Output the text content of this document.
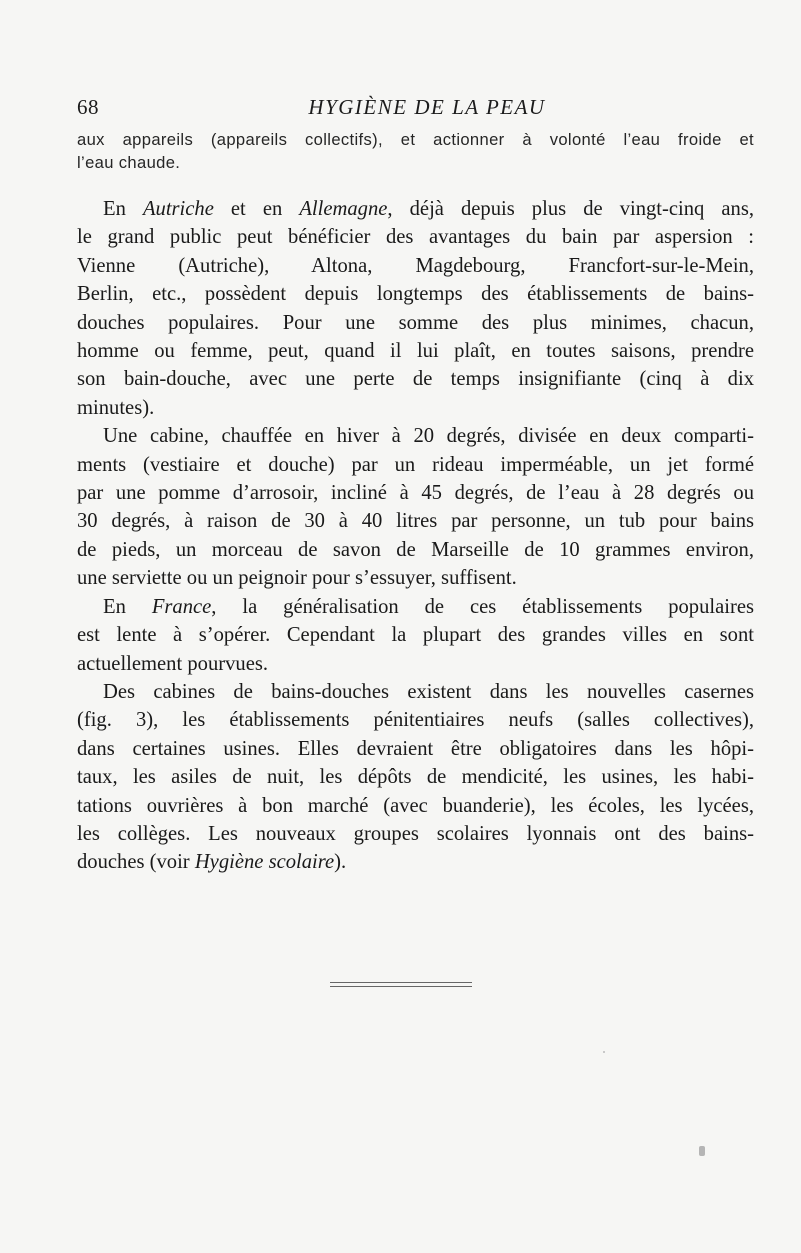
68	HYGIÈNE DE LA PEAU
aux appareils (appareils collectifs), et actionner à volonté l’eau froide et
l’eau chaude.
En Autriche et en Allemagne, déjà depuis plus de vingt-cinq ans,
le grand public peut bénéficier des avantages du bain par aspersion :
Vienne (Autriche), Altona, Magdebourg, Francfort-sur-le-Mein,
Berlin, etc., possèdent depuis longtemps des établissements de bains-
douches populaires. Pour une somme des plus minimes, chacun,
homme ou femme, peut, quand il lui plaît, en toutes saisons, prendre
son bain-douche, avec une perte de temps insignifiante (cinq à dix
minutes).
Une cabine, chauffée en hiver à 20 degrés, divisée en deux comparti-
ments (vestiaire et douche) par un rideau imperméable, un jet formé
par une pomme d’arrosoir, incliné à 45 degrés, de l’eau à 28 degrés ou
30 degrés, à raison de 30 à 40 litres par personne, un tub pour bains
de pieds, un morceau de savon de Marseille de 10 grammes environ,
une serviette ou un peignoir pour s’essuyer, suffisent.
En France, la généralisation de ces établissements populaires
est lente à s’opérer. Cependant la plupart des grandes villes en sont
actuellement pourvues.
Des cabines de bains-douches existent dans les nouvelles casernes
(fig. 3), les établissements pénitentiaires neufs (salles collectives),
dans certaines usines. Elles devraient être obligatoires dans les hôpi-
taux, les asiles de nuit, les dépôts de mendicité, les usines, les habi-
tations ouvrières à bon marché (avec buanderie), les écoles, les lycées,
les collèges. Les nouveaux groupes scolaires lyonnais ont des bains-
douches (voir Hygiène scolaire).
